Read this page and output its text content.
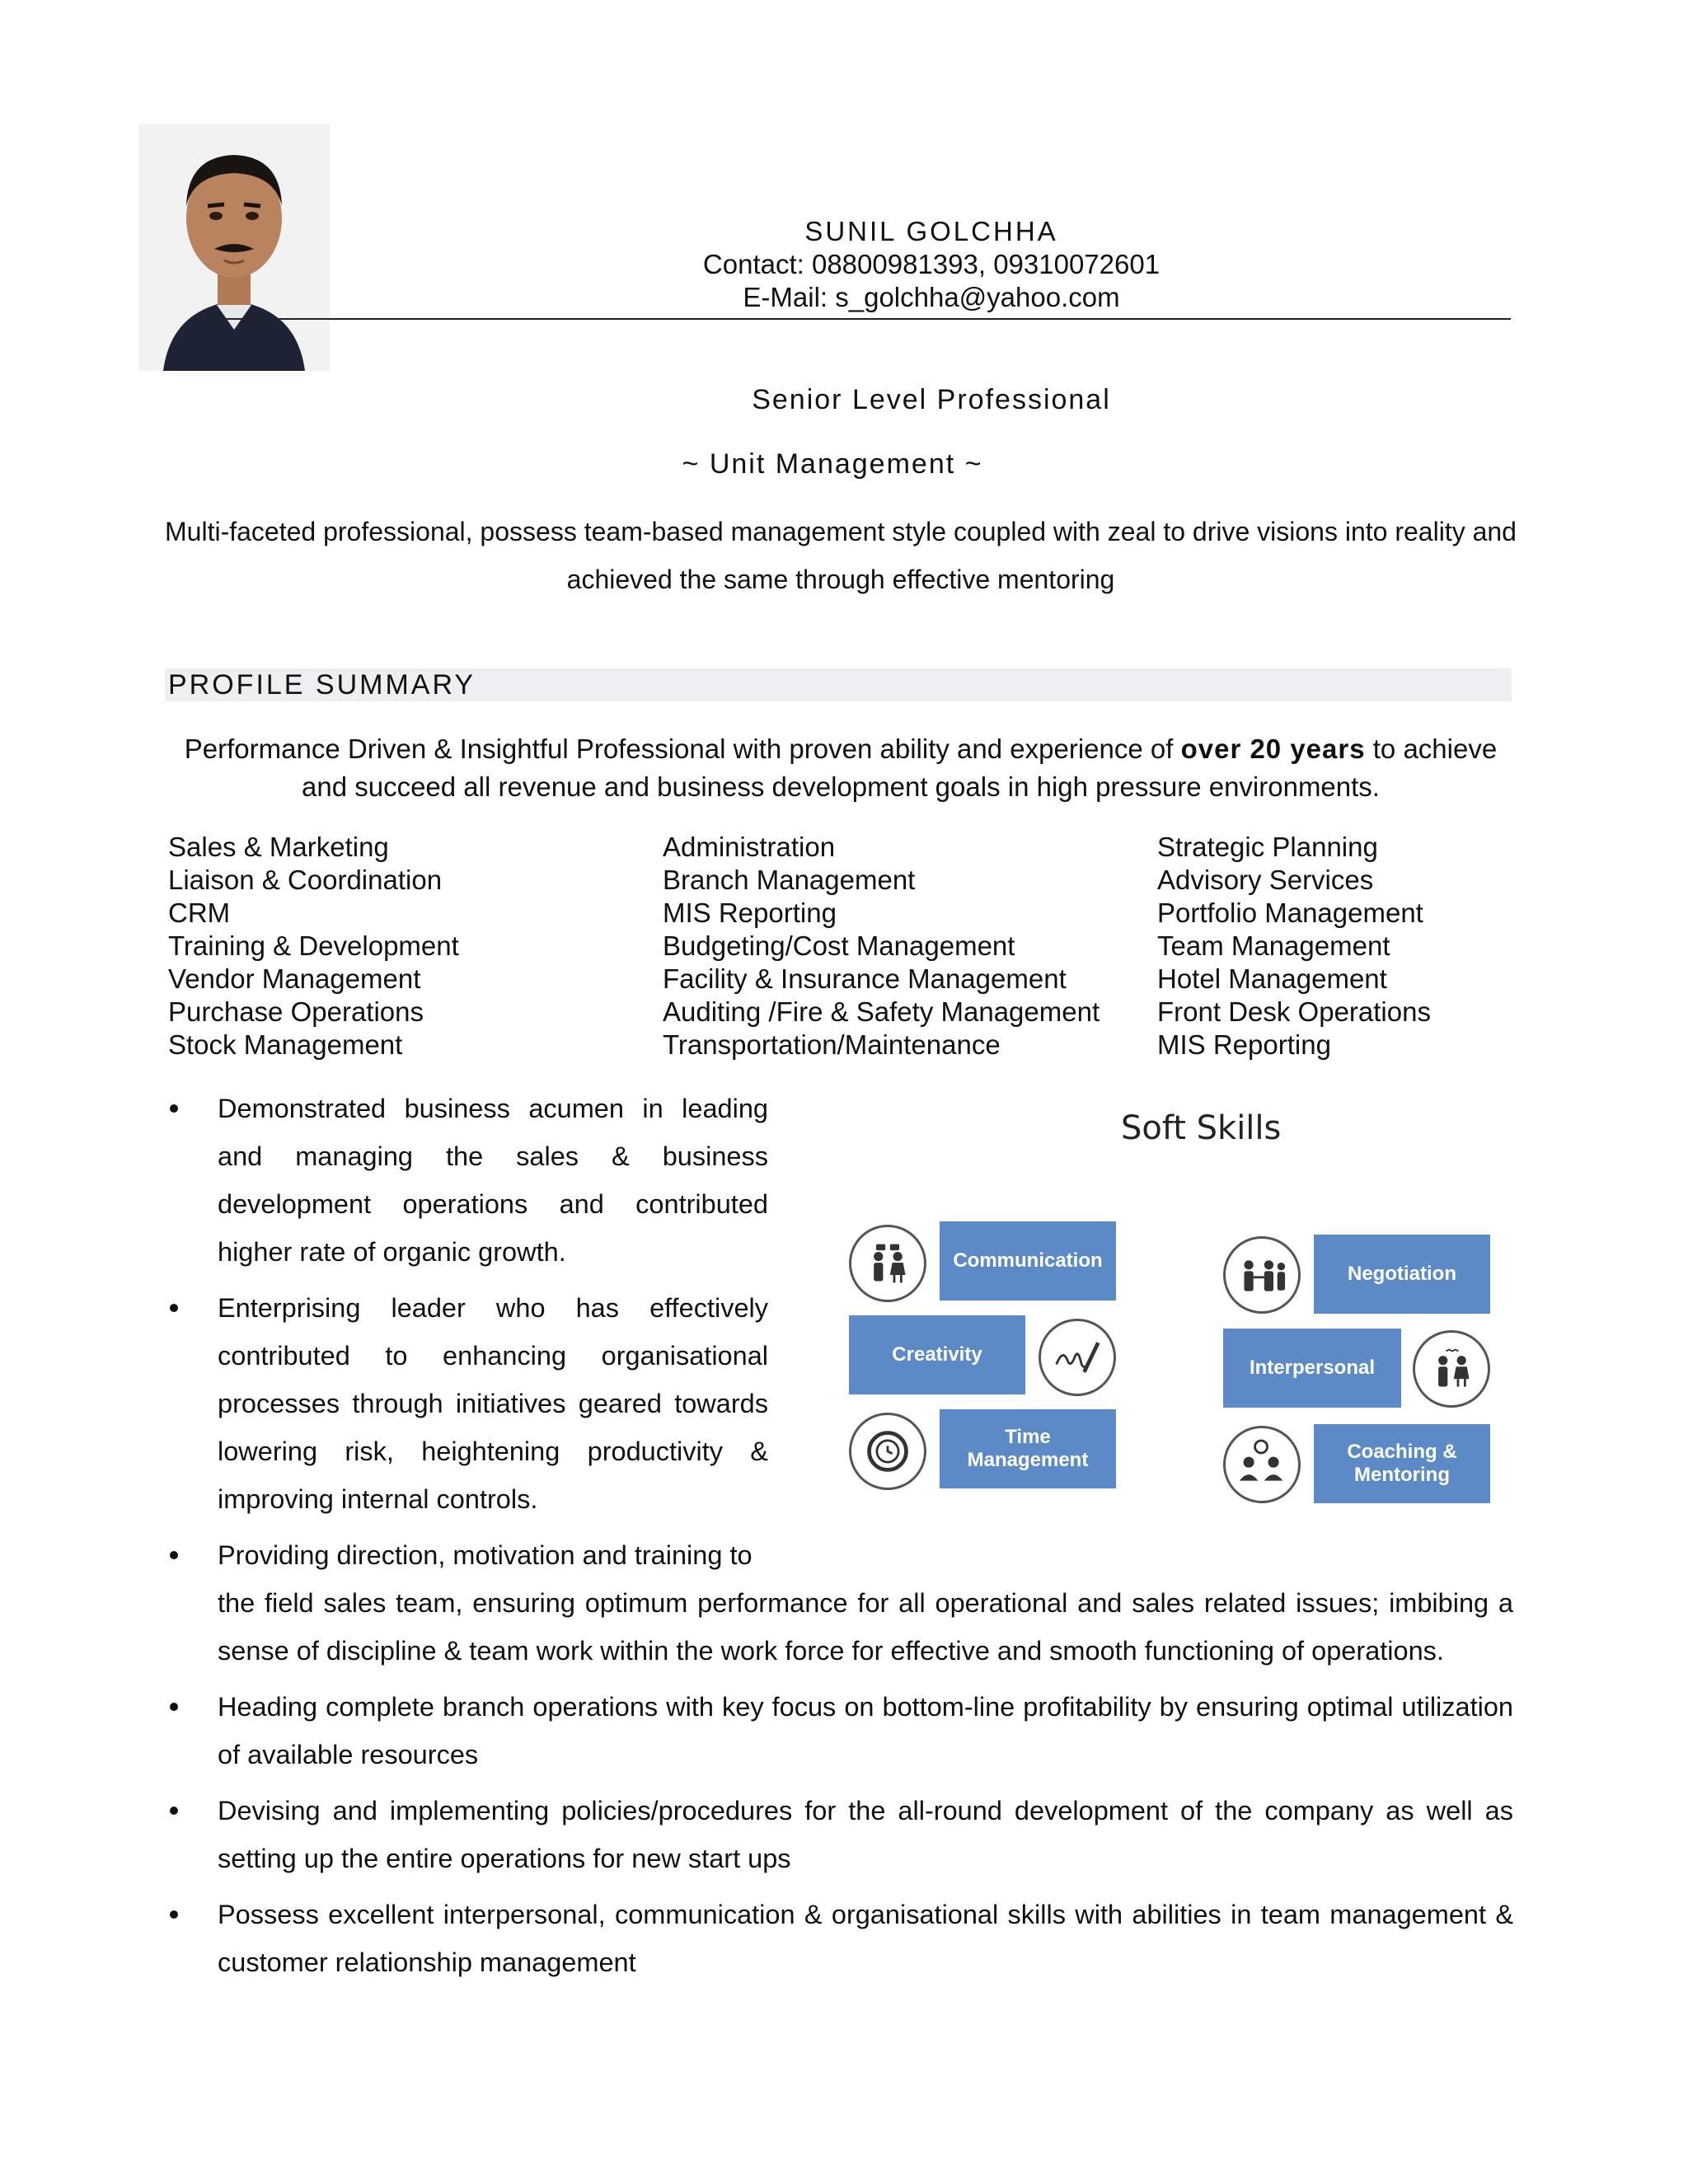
SUNIL GOLCHHA
Contact: 08800981393, 09310072601
E-Mail: s_golchha@yahoo.com
Senior Level Professional
~ Unit Management ~
Multi-faceted professional, possess team-based management style coupled with zeal to drive visions into reality and achieved the same through effective mentoring
PROFILE SUMMARY
Performance Driven & Insightful Professional with proven ability and experience of over 20 years to achieve and succeed all revenue and business development goals in high pressure environments.
Sales & Marketing
Liaison & Coordination
CRM
Training & Development
Vendor Management
Purchase Operations
Stock Management
Administration
Branch Management
MIS Reporting
Budgeting/Cost Management
Facility & Insurance Management
Auditing /Fire & Safety Management
Transportation/Maintenance
Strategic Planning
Advisory Services
Portfolio Management
Team Management
Hotel Management
Front Desk Operations
MIS Reporting
Demonstrated business acumen in leading and managing the sales & business development operations and contributed higher rate of organic growth.
Enterprising leader who has effectively contributed to enhancing organisational processes through initiatives geared towards lowering risk, heightening productivity & improving internal controls.
Providing direction, motivation and training to
the field sales team, ensuring optimum performance for all operational and sales related issues; imbibing a sense of discipline & team work within the work force for effective and smooth functioning of operations.
Heading complete branch operations with key focus on bottom-line profitability by ensuring optimal utilization of available resources
Devising and implementing policies/procedures for the all-round development of the company as well as setting up the entire operations for new start ups
Possess excellent interpersonal, communication & organisational skills with abilities in team management & customer relationship management
Soft Skills
Communication
Creativity
Time
Management
Negotiation
Interpersonal
Coaching &
Mentoring
